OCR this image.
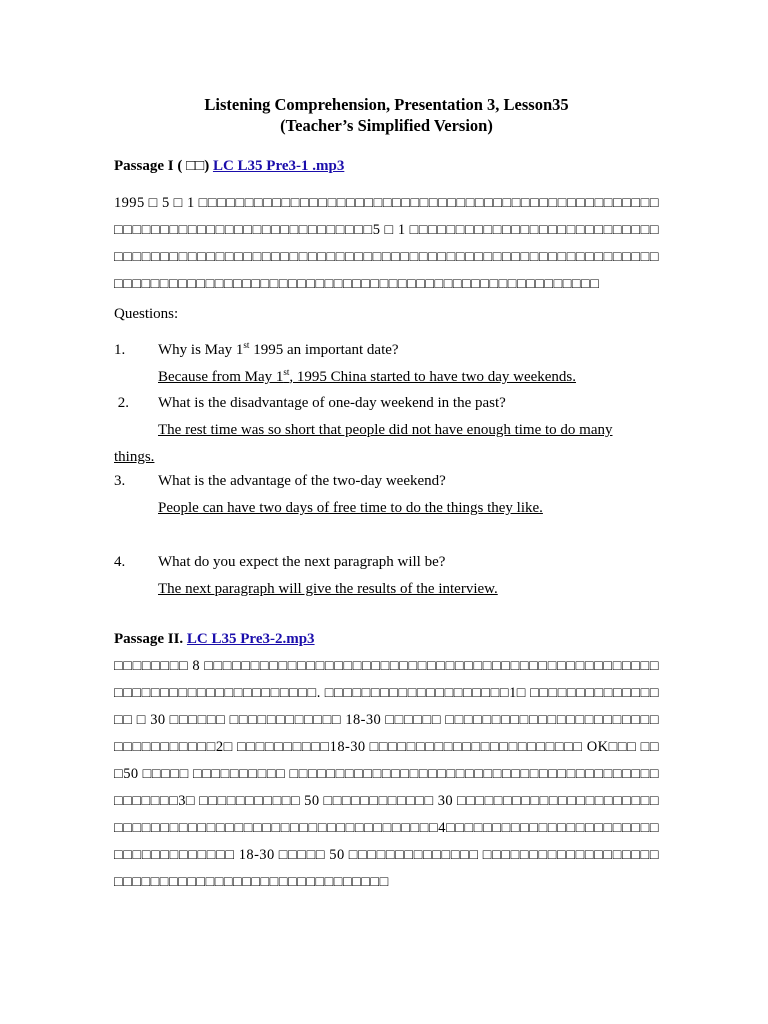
Listening Comprehension, Presentation 3, Lesson35
(Teacher’s Simplified Version)
Passage I ( □□) LC L35 Pre3-1 .mp3
1995 □ 5 □ 1 □□□□□□□□□□□□□□□□□□□□□□□□□□□□□□□□□□□□□□□□□□□□□□□□□□□□□□□□□□□□□□□□□□□□□□□□□□□□□□5 □ 1 □□□□□□□□□□□□□□□□□□□□□□□□□□□□□□□□□□□□□□□□□□□□□□□□□□□□□□□□□□□□□□□□□□□□□□□□□□□□□□□□□□□□□□□□□□□□□□□□□□□□□□□□□□□□□□□□□□□□□□□□□□□□□□□□□□□□□□□□□□□
Questions:
1.	Why is May 1st 1995 an important date?
Because from May 1st, 1995 China started to have two day weekends.
2.	What is the disadvantage of one-day weekend in the past?
The rest time was so short that people did not have enough time to do many things.
3.	What is the advantage of the two-day weekend?
People can have two days of free time to do the things they like.
4.	What do you expect the next paragraph will be?
The next paragraph will give the results of the interview.
Passage II. LC L35 Pre3-2.mp3
□□□□□□□□ 8 □□□□□□□□□□□□□□□□□□□□□□□□□□□□□□□□□□□□□□□□□□□□□□□□□□□□□□□□□□□□□□□□□□□□□□□. □□□□□□□□□□□□□□□□□□□□1□ □□□□□□□□□□□□□□□□ □ 30 □□□□□□ □□□□□□□□□□□□ 18-30 □□□□□□ □□□□□□□□□□□□□□□□□□□□□□□□□□□□□□□□□□2□ □□□□□□□□□□18-30 □□□□□□□□□□□□□□□□□□□□□□□ OK□□□ □□□50 □□□□□ □□□□□□□□□□ □□□□□□□□□□□□□□□□□□□□□□□□□□□□□□□□□□□□□□□□□□□□□□□3□ □□□□□□□□□□□ 50 □□□□□□□□□□□□ 30 □□□□□□□□□□□□□□□□□□□□□□□□□□□□□□□□□□□□□□□□□□□□□□□□□□□□□□□□□4□□□□□□□□□□□□□□□□□□□□□□□□□□□□□□□□□□□□ 18-30 □□□□□ 50 □□□□□□□□□□□□□□ □□□□□□□□□□□□□□□□□□□□□□□□□□□□□□□□□□□□□□□□□□□□□□□□□
